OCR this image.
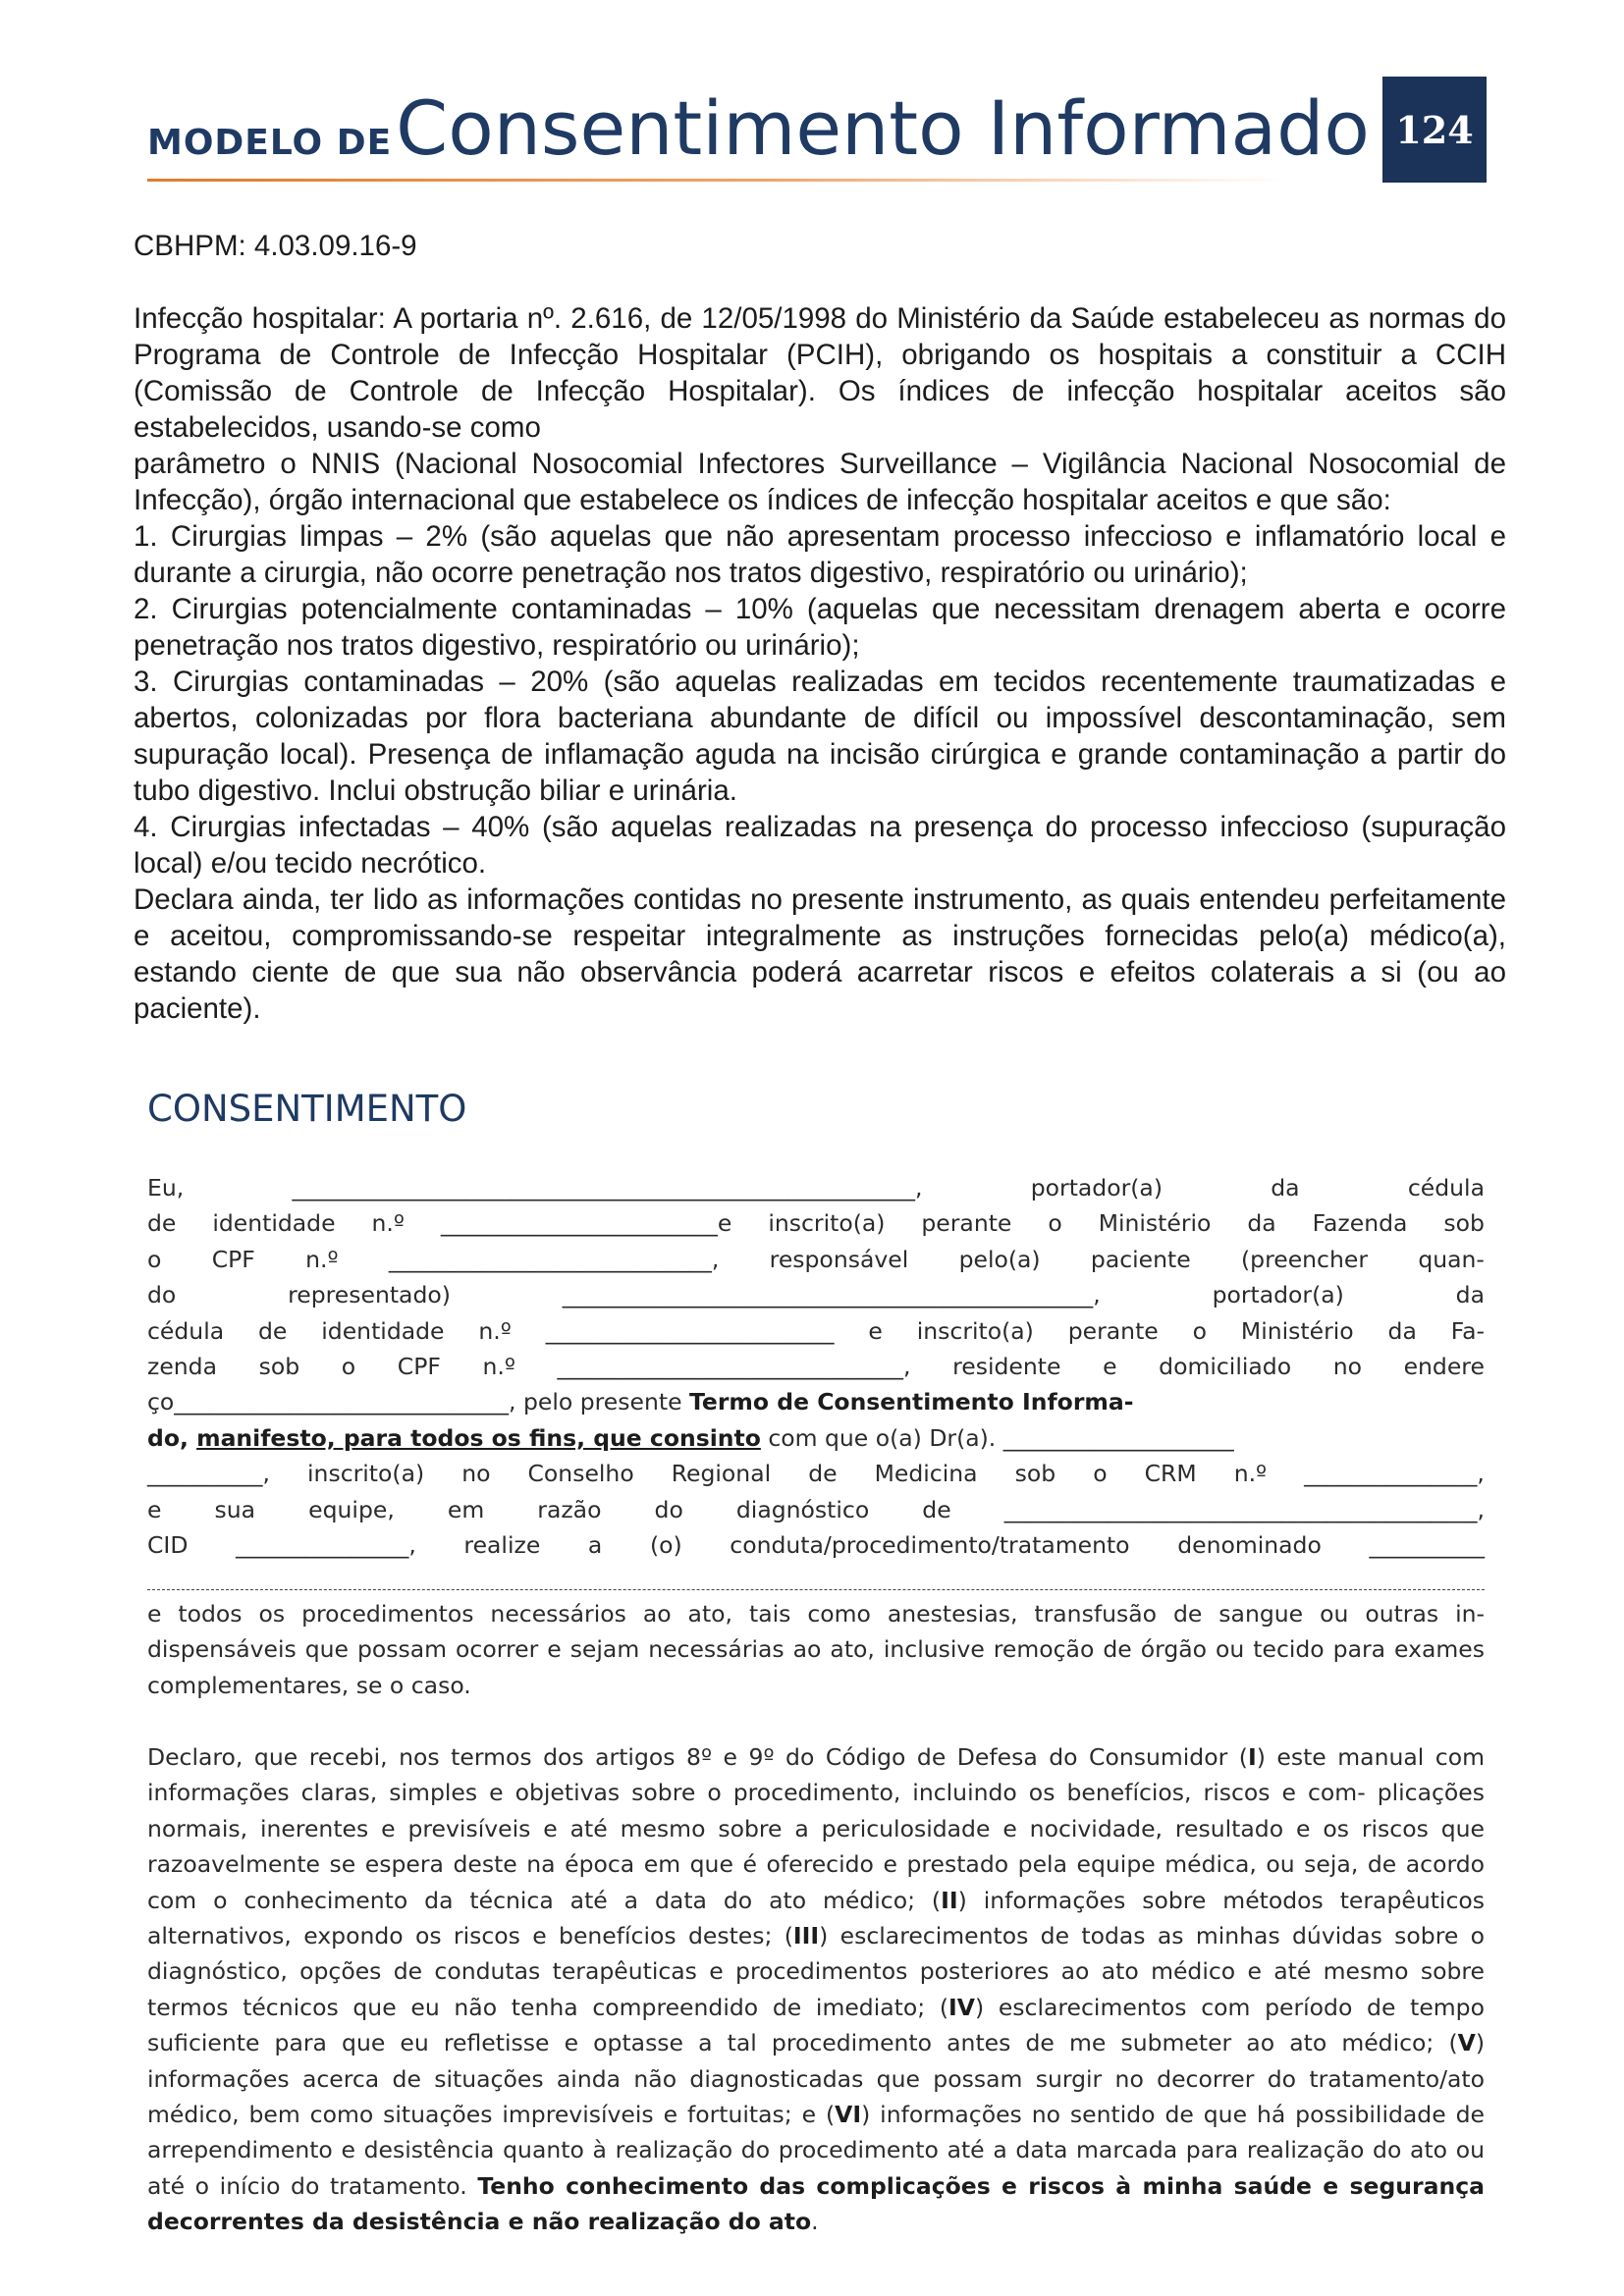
MODELO DE Consentimento Informado 124
CBHPM: 4.03.09.16-9

Infecção hospitalar: A portaria nº. 2.616, de 12/05/1998 do Ministério da Saúde estabeleceu as normas do Programa de Controle de Infecção Hospitalar (PCIH), obrigando os hospitais a constituir a CCIH (Comissão de Controle de Infecção Hospitalar). Os índices de infecção hospitalar aceitos são estabelecidos, usando-se como

parâmetro o NNIS (Nacional Nosocomial Infectores Surveillance – Vigilância Nacional Nosocomial de Infecção), órgão internacional que estabelece os índices de infecção hospitalar aceitos e que são:

1. Cirurgias limpas – 2% (são aquelas que não apresentam processo infeccioso e inflamatório local e durante a cirurgia, não ocorre penetração nos tratos digestivo, respiratório ou urinário);

2. Cirurgias potencialmente contaminadas – 10% (aquelas que necessitam drenagem aberta e ocorre penetração nos tratos digestivo, respiratório ou urinário);

3. Cirurgias contaminadas – 20% (são aquelas realizadas em tecidos recentemente traumatizadas e abertos, colonizadas por flora bacteriana abundante de difícil ou impossível descontaminação, sem supuração local). Presença de inflamação aguda na incisão cirúrgica e grande contaminação a partir do tubo digestivo. Inclui obstrução biliar e urinária.

4. Cirurgias infectadas – 40% (são aquelas realizadas na presença do processo infeccioso (supuração local) e/ou tecido necrótico.

Declara ainda, ter lido as informações contidas no presente instrumento, as quais entendeu perfeitamente e aceitou, compromissando-se respeitar integralmente as instruções fornecidas pelo(a) médico(a), estando ciente de que sua não observância poderá acarretar riscos e efeitos colaterais a si (ou ao paciente).

CONSENTIMENTO
Eu,	______________________________________________________,	portador(a)	da	cédula
de identidade n.º ________________________e inscrito(a) perante o Ministério da Fazenda sob
o CPF n.º ____________________________, responsável pelo(a) paciente (preencher quan-
do	representado)	______________________________________________,	portador(a)	da
cédula de identidade n.º _________________________ e inscrito(a) perante o Ministério da Fa-
zenda sob o CPF n.º ______________________________, residente e domiciliado no endere
ço_____________________________, pelo presente Termo de Consentimento Informa-
do, manifesto, para todos os fins, que consinto com que o(a) Dr(a). ____________________
__________, inscrito(a) no Conselho Regional de Medicina sob o CRM n.º _______________,
e sua equipe, em razão do diagnóstico de _________________________________________,
CID _______________, realize a (o) conduta/procedimento/tratamento denominado __________
e todos os procedimentos necessários ao ato, tais como anestesias, transfusão de sangue ou outras in- dispensáveis que possam ocorrer e sejam necessárias ao ato, inclusive remoção de órgão ou tecido para exames complementares, se o caso.
Declaro, que recebi, nos termos dos artigos 8º e 9º do Código de Defesa do Consumidor (I) este manual com informações claras, simples e objetivas sobre o procedimento, incluindo os benefícios, riscos e com- plicações normais, inerentes e previsíveis e até mesmo sobre a periculosidade e nocividade, resultado e os riscos que razoavelmente se espera deste na época em que é oferecido e prestado pela equipe médica, ou seja, de acordo com o conhecimento da técnica até a data do ato médico; (II) informações sobre métodos terapêuticos alternativos, expondo os riscos e benefícios destes; (III) esclarecimentos de todas as minhas dúvidas sobre o diagnóstico, opções de condutas terapêuticas e procedimentos posteriores ao ato médico e até mesmo sobre termos técnicos que eu não tenha compreendido de imediato; (IV) esclarecimentos com período de tempo suficiente para que eu refletisse e optasse a tal procedimento antes de me submeter ao ato médico; (V) informações acerca de situações ainda não diagnosticadas que possam surgir no decorrer do tratamento/ato médico, bem como situações imprevisíveis e fortuitas; e (VI) informações no sentido de que há possibilidade de arrependimento e desistência quanto à realização do procedimento até a data marcada para realização do ato ou até o início do tratamento. Tenho conhecimento das complicações e riscos à minha saúde e segurança decorrentes da desistência e não realização do ato.
